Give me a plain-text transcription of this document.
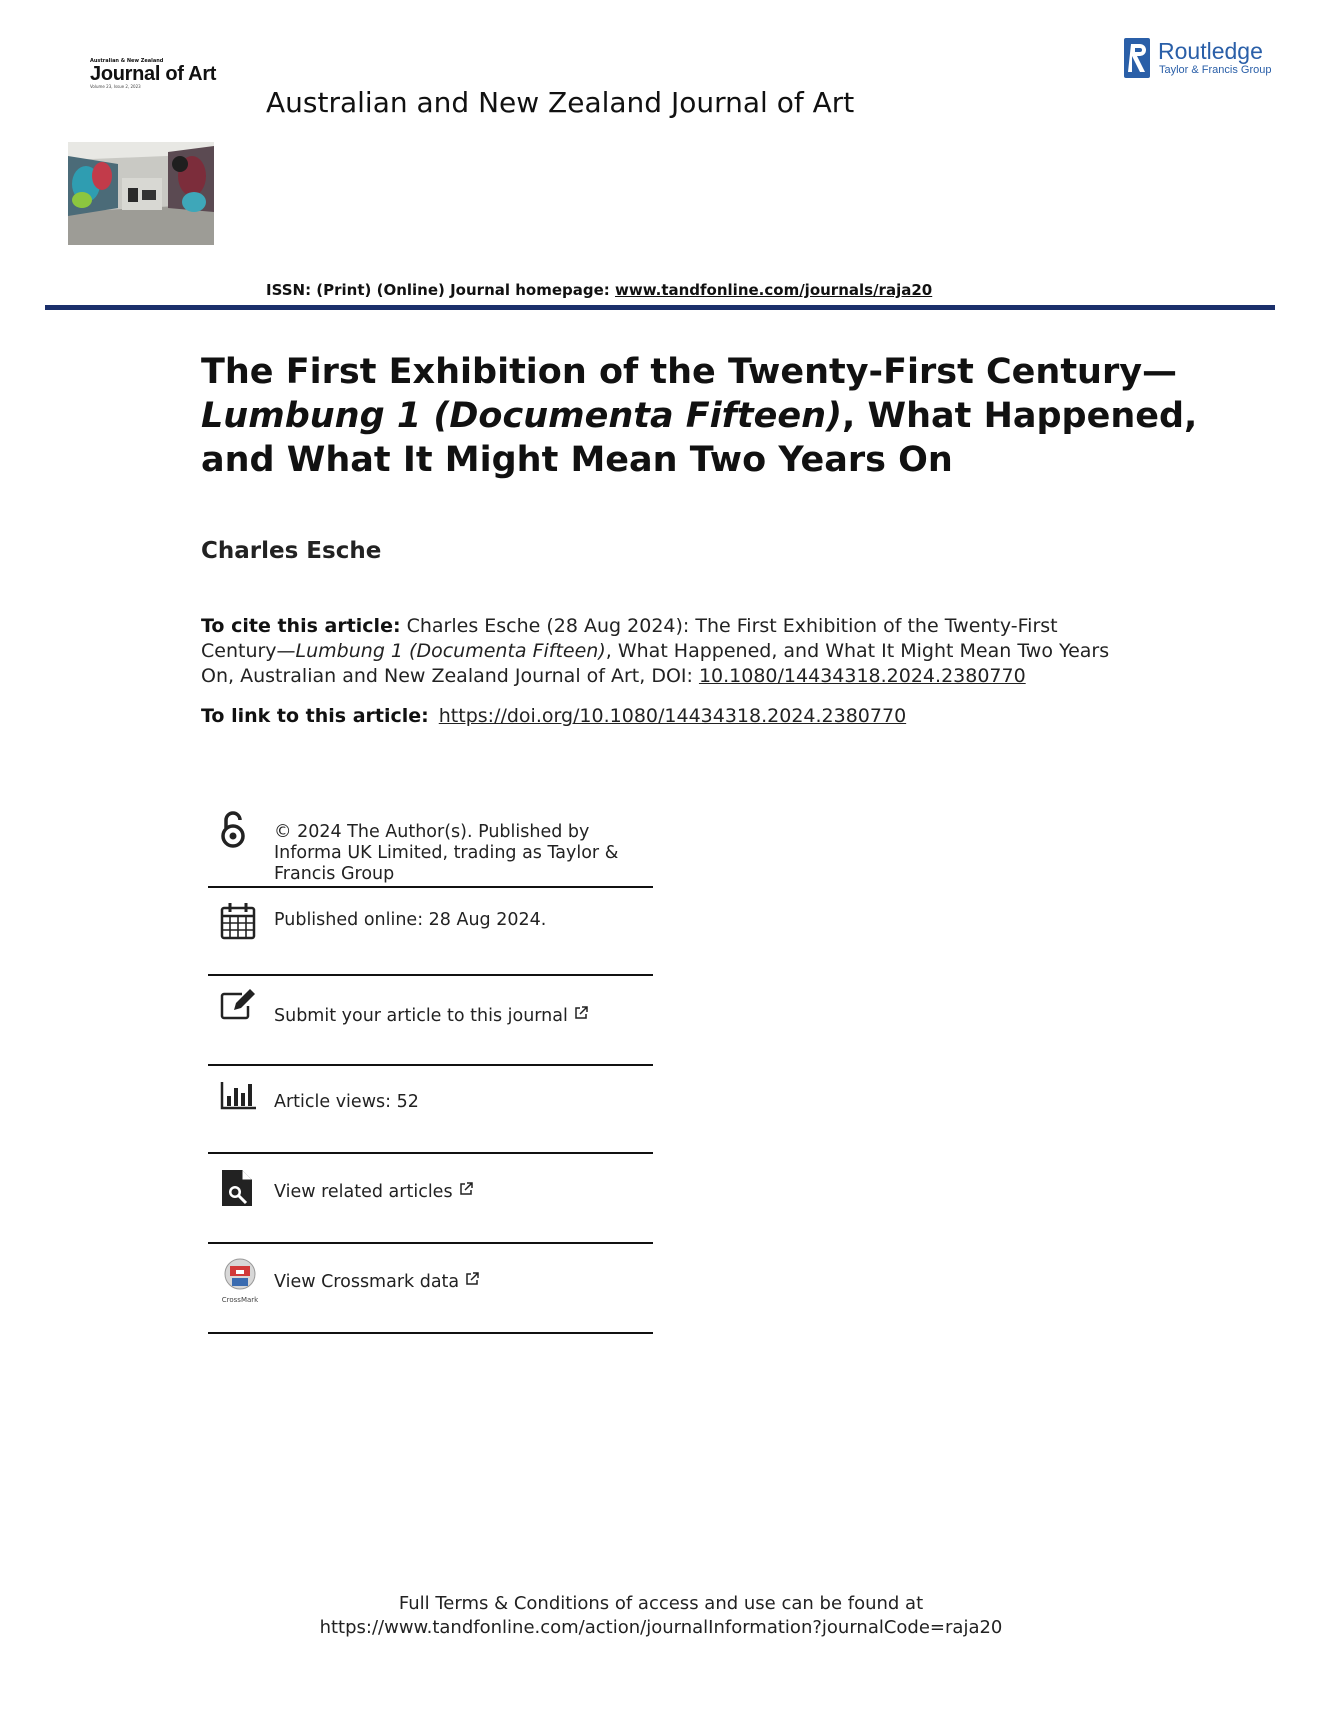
Australian & New Zealand
Journal of Art
Volume 23, Issue 2, 2023	Australian and New Zealand Journal of Art
Routledge
Taylor & Francis Group
ISSN: (Print) (Online) Journal homepage: www.tandfonline.com/journals/raja20
The First Exhibition of the Twenty-First Century—Lumbung 1 (Documenta Fifteen), What Happened, and What It Might Mean Two Years On
Charles Esche
To cite this article: Charles Esche (28 Aug 2024): The First Exhibition of the Twenty-First Century—Lumbung 1 (Documenta Fifteen), What Happened, and What It Might Mean Two Years On, Australian and New Zealand Journal of Art, DOI: 10.1080/14434318.2024.2380770
To link to this article: https://doi.org/10.1080/14434318.2024.2380770
© 2024 The Author(s). Published by Informa UK Limited, trading as Taylor & Francis Group
Published online: 28 Aug 2024.
Submit your article to this journal
Article views: 52
View related articles
CrossMark
View Crossmark data
Full Terms & Conditions of access and use can be found at
https://www.tandfonline.com/action/journalInformation?journalCode=raja20
